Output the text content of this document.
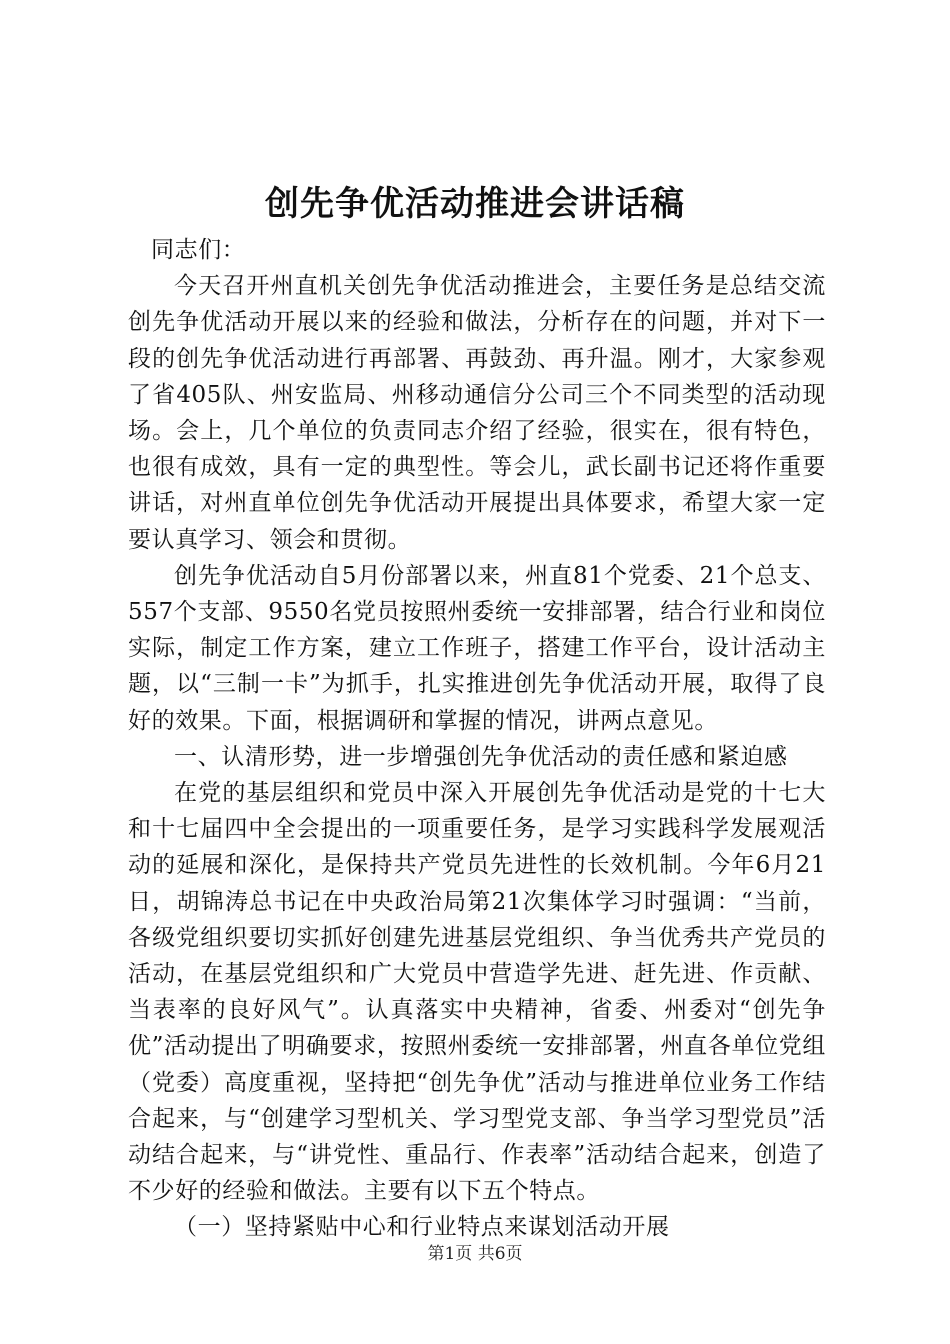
创先争优活动推进会讲话稿

同志们：

今天召开州直机关创先争优活动推进会，主要任务是总结交流创先争优活动开展以来的经验和做法，分析存在的问题，并对下一段的创先争优活动进行再部署、再鼓劲、再升温。刚才，大家参观了省405队、州安监局、州移动通信分公司三个不同类型的活动现场。会上，几个单位的负责同志介绍了经验，很实在，很有特色，也很有成效，具有一定的典型性。等会儿，武长副书记还将作重要讲话，对州直单位创先争优活动开展提出具体要求，希望大家一定要认真学习、领会和贯彻。

创先争优活动自5月份部署以来，州直81个党委、21个总支、557个支部、9550名党员按照州委统一安排部署，结合行业和岗位实际，制定工作方案，建立工作班子，搭建工作平台，设计活动主题，以“三制一卡”为抓手，扎实推进创先争优活动开展，取得了良好的效果。下面，根据调研和掌握的情况，讲两点意见。

一、认清形势，进一步增强创先争优活动的责任感和紧迫感

在党的基层组织和党员中深入开展创先争优活动是党的十七大和十七届四中全会提出的一项重要任务，是学习实践科学发展观活动的延展和深化，是保持共产党员先进性的长效机制。今年6月21日，胡锦涛总书记在中央政治局第21次集体学习时强调：“当前，各级党组织要切实抓好创建先进基层党组织、争当优秀共产党员的活动，在基层党组织和广大党员中营造学先进、赶先进、作贡献、当表率的良好风气”。认真落实中央精神，省委、州委对“创先争优”活动提出了明确要求，按照州委统一安排部署，州直各单位党组（党委）高度重视，坚持把“创先争优”活动与推进单位业务工作结合起来，与“创建学习型机关、学习型党支部、争当学习型党员”活动结合起来，与“讲党性、重品行、作表率”活动结合起来，创造了不少好的经验和做法。主要有以下五个特点。

（一）坚持紧贴中心和行业特点来谋划活动开展

第1页 共6页
